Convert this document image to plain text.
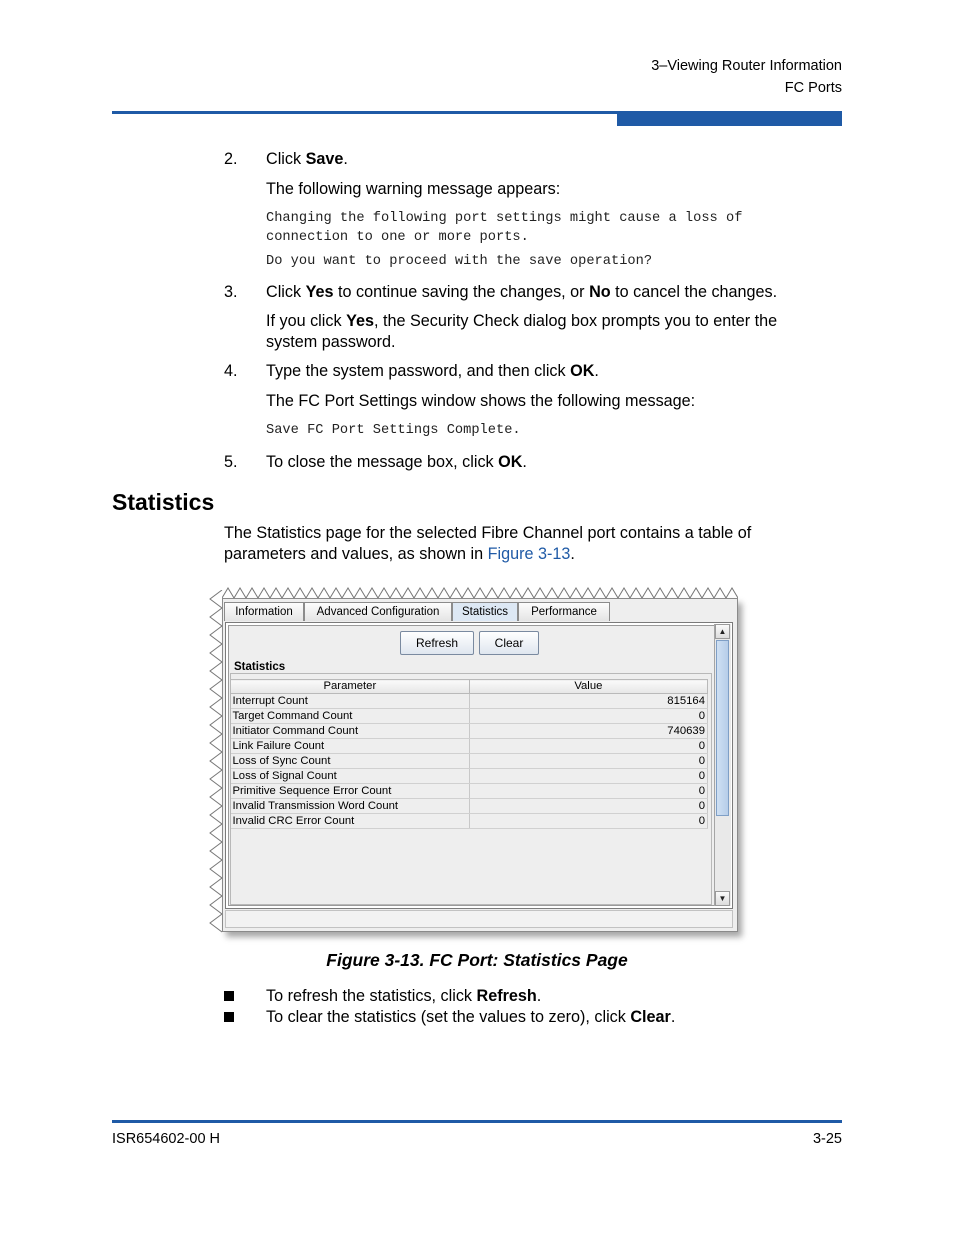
3–Viewing Router Information
FC Ports
2.	Click Save.
The following warning message appears:
Changing the following port settings might cause a loss of
connection to one or more ports.
Do you want to proceed with the save operation?
3.	Click Yes to continue saving the changes, or No to cancel the changes.
If you click Yes, the Security Check dialog box prompts you to enter the
system password.
4.	Type the system password, and then click OK.
The FC Port Settings window shows the following message:
Save FC Port Settings Complete.
5.	To close the message box, click OK.
Statistics
The Statistics page for the selected Fibre Channel port contains a table of
parameters and values, as shown in Figure 3-13.
Information	Advanced Configuration	Statistics	Performance
Refresh	Clear
Statistics
Parameter	Value
Interrupt Count	815164
Target Command Count	0
Initiator Command Count	740639
Link Failure Count	0
Loss of Sync Count	0
Loss of Signal Count	0
Primitive Sequence Error Count	0
Invalid Transmission Word Count	0
Invalid CRC Error Count	0
▲
▼
Figure 3-13. FC Port: Statistics Page
To refresh the statistics, click Refresh.
To clear the statistics (set the values to zero), click Clear.
ISR654602-00 H	3-25
